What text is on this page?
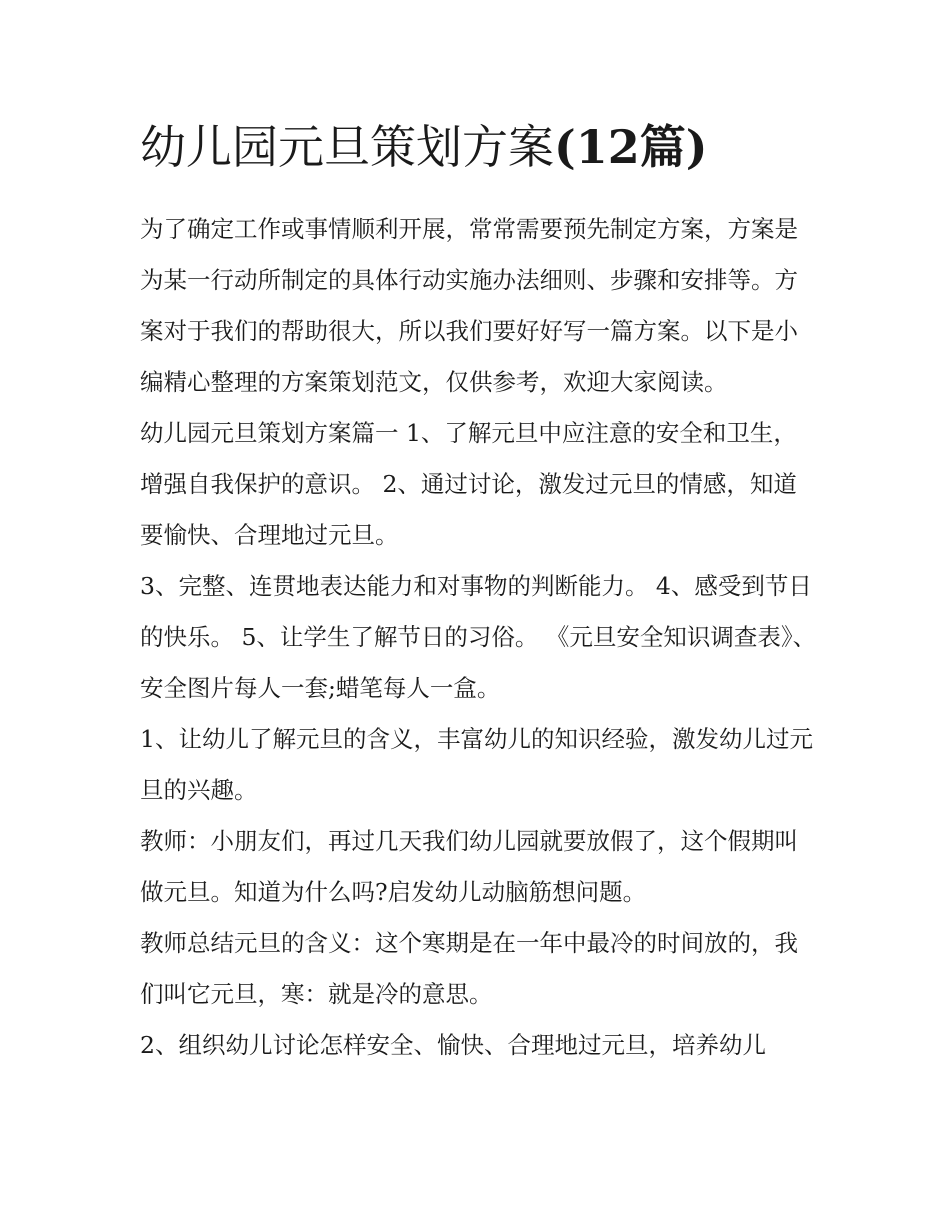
幼儿园元旦策划方案(12篇)

为了确定工作或事情顺利开展，常常需要预先制定方案，方案是为某一行动所制定的具体行动实施办法细则、步骤和安排等。方案对于我们的帮助很大，所以我们要好好写一篇方案。以下是小编精心整理的方案策划范文，仅供参考，欢迎大家阅读。

幼儿园元旦策划方案篇一 1、了解元旦中应注意的安全和卫生，增强自我保护的意识。 2、通过讨论，激发过元旦的情感，知道要愉快、合理地过元旦。

3、完整、连贯地表达能力和对事物的判断能力。 4、感受到节日的快乐。 5、让学生了解节日的习俗。 《元旦安全知识调查表》、安全图片每人一套;蜡笔每人一盒。

1、让幼儿了解元旦的含义，丰富幼儿的知识经验，激发幼儿过元旦的兴趣。

教师：小朋友们，再过几天我们幼儿园就要放假了，这个假期叫做元旦。知道为什么吗?启发幼儿动脑筋想问题。

教师总结元旦的含义：这个寒期是在一年中最冷的时间放的，我们叫它元旦，寒：就是冷的意思。

2、组织幼儿讨论怎样安全、愉快、合理地过元旦，培养幼儿
